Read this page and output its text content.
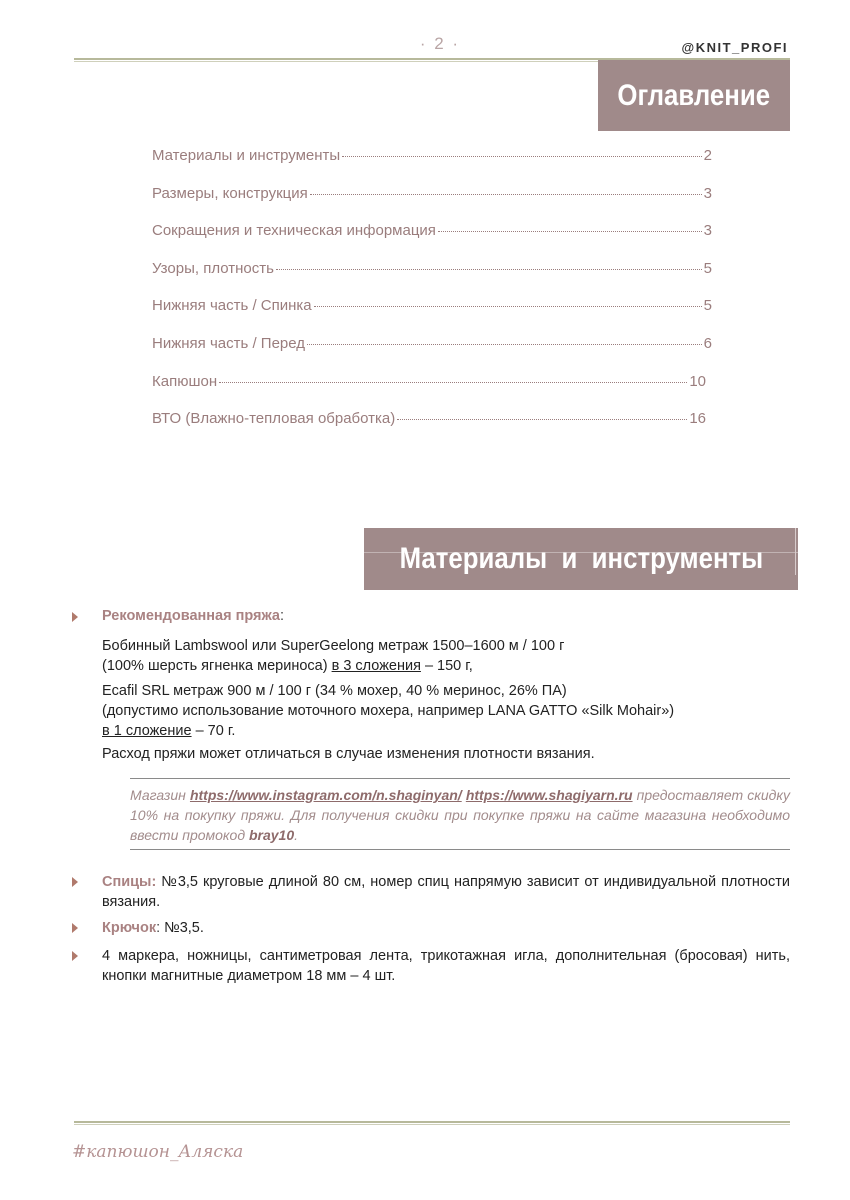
· 2 ·	@KNIT_PROFI
Оглавление
Материалы и инструменты	2
Размеры, конструкция	3
Сокращения и техническая информация	3
Узоры, плотность	5
Нижняя часть / Спинка	5
Нижняя часть / Перед	6
Капюшон	10
ВТО (Влажно-тепловая обработка)	16
Материалы  и  инструменты
Рекомендованная пряжа:
Бобинный Lambswool или SuperGeelong метраж 1500–1600 м / 100 г
(100% шерсть ягненка мериноса) в 3 сложения – 150 г,
Ecafil SRL метраж 900 м / 100 г (34 % мохер, 40 % меринос, 26% ПА)
(допустимо использование моточного мохера, например LANA GATTO «Silk Mohair»)
в 1 сложение – 70 г.
Расход пряжи может отличаться в случае изменения плотности вязания.
Магазин https://www.instagram.com/n.shaginyan/ https://www.shagiyarn.ru предоставляет скидку 10% на покупку пряжи. Для получения скидки при покупке пряжи на сайте магазина необходимо ввести промокод bray10.
Спицы: №3,5 круговые длиной 80 см, номер спиц напрямую зависит от индивидуальной плотности вязания.
Крючок: №3,5.
4 маркера, ножницы, сантиметровая лента, трикотажная игла, дополнительная (бросовая) нить, кнопки магнитные диаметром 18 мм – 4 шт.
#капюшон_Аляска
